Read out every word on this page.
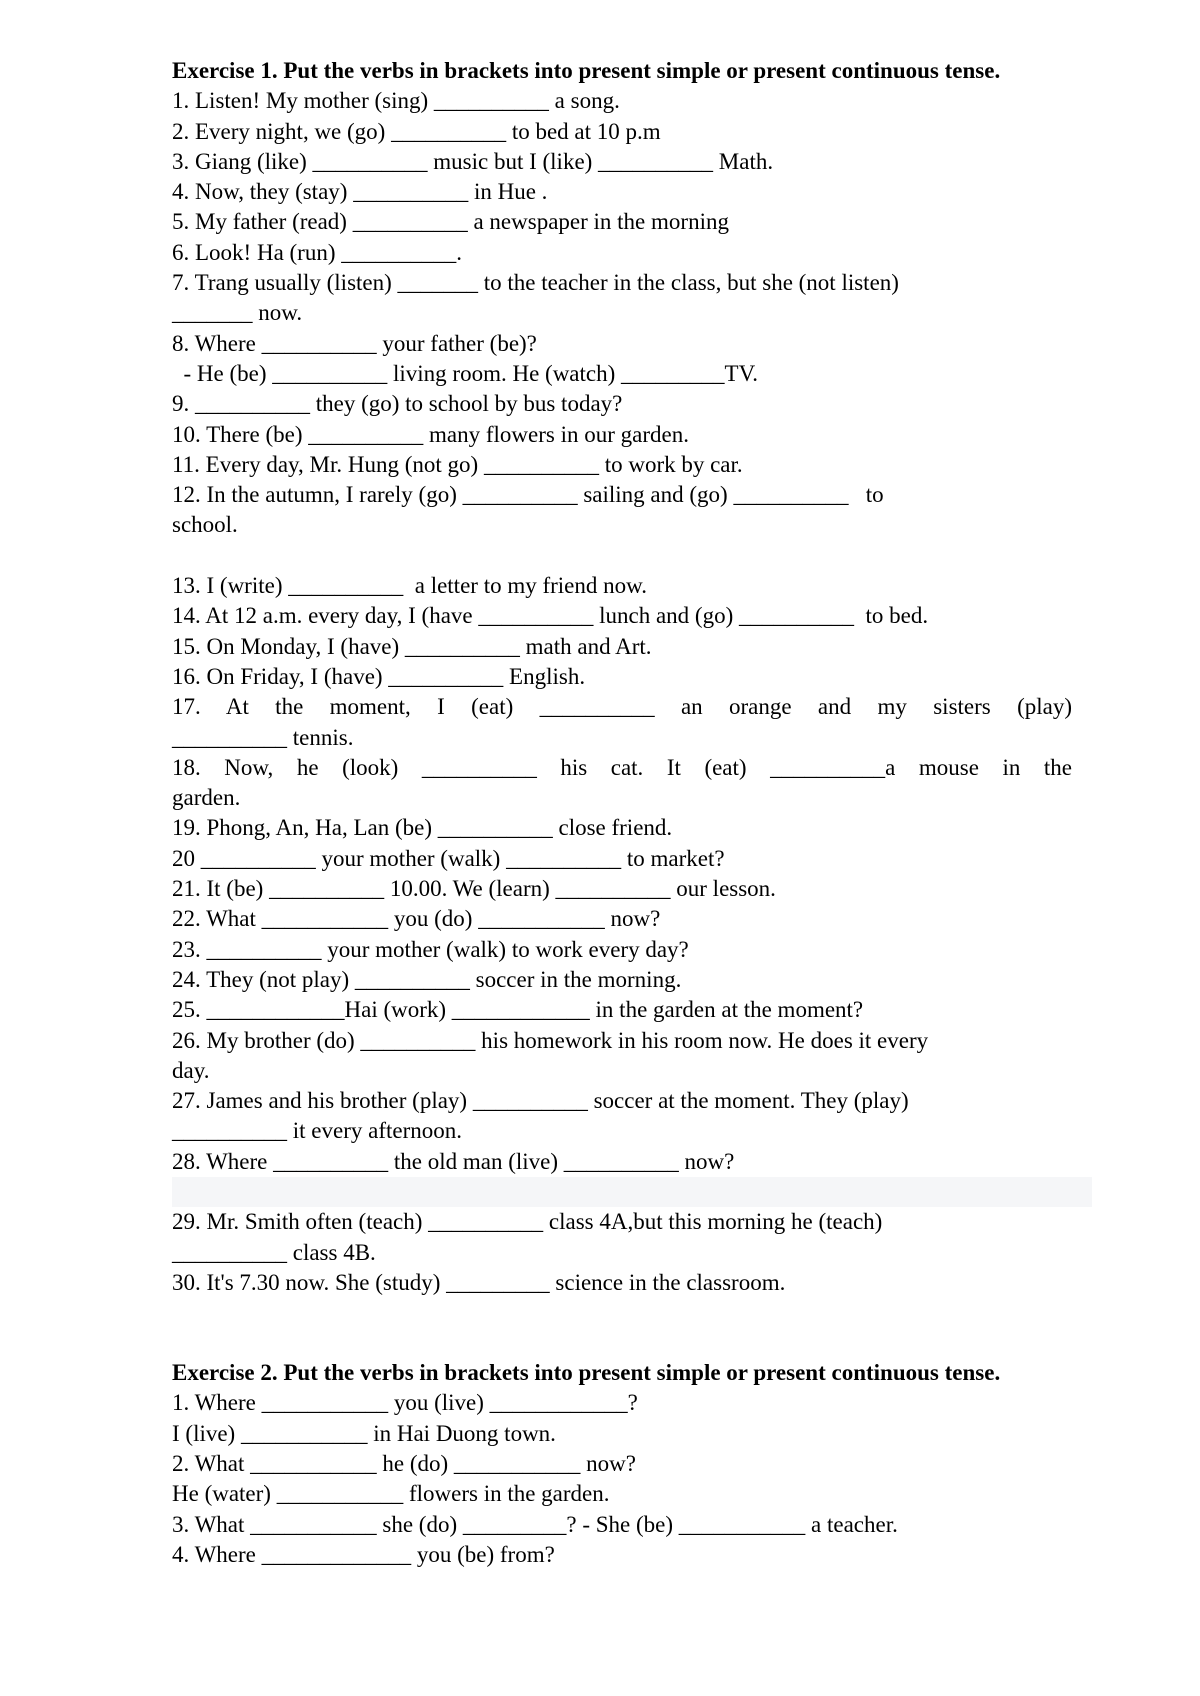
Exercise 1. Put the verbs in brackets into present simple or present continuous tense.
1. Listen! My mother (sing) __________ a song.
2. Every night, we (go) __________ to bed at 10 p.m
3. Giang (like) __________ music but I (like) __________ Math.
4. Now, they (stay) __________ in Hue .
5. My father (read) __________ a newspaper in the morning
6. Look! Ha (run) __________.
7. Trang usually (listen) _______ to the teacher in the class, but she (not listen)
_______ now.
8. Where __________ your father (be)?
- He (be) __________ living room. He (watch) _________TV.
9. __________ they (go) to school by bus today?
10. There (be) __________ many flowers in our garden.
11. Every day, Mr. Hung (not go) __________ to work by car.
12. In the autumn, I rarely (go) __________ sailing and (go) __________   to
school.
13. I (write) __________  a letter to my friend now.
14. At 12 a.m. every day, I (have __________ lunch and (go) __________  to bed.
15. On Monday, I (have) __________ math and Art.
16. On Friday, I (have) __________ English.
17. At the moment, I (eat) __________ an orange and my sisters (play)
__________ tennis.
18. Now, he (look) __________ his cat. It (eat) __________a mouse in the
garden.
19. Phong, An, Ha, Lan (be) __________ close friend.
20 __________ your mother (walk) __________ to market?
21. It (be) __________ 10.00. We (learn) __________ our lesson.
22. What ___________ you (do) ___________ now?
23. __________ your mother (walk) to work every day?
24. They (not play) __________ soccer in the morning.
25. ____________Hai (work) ____________ in the garden at the moment?
26. My brother (do) __________ his homework in his room now. He does it every
day.
27. James and his brother (play) __________ soccer at the moment. They (play)
__________ it every afternoon.
28. Where __________ the old man (live) __________ now?
29. Mr. Smith often (teach) __________ class 4A,but this morning he (teach)
__________ class 4B.
30. It's 7.30 now. She (study) _________ science in the classroom.
Exercise 2. Put the verbs in brackets into present simple or present continuous tense.
1. Where ___________ you (live) ____________?
I (live) ___________ in Hai Duong town.
2. What ___________ he (do) ___________ now?
He (water) ___________ flowers in the garden.
3. What ___________ she (do) _________? - She (be) ___________ a teacher.
4. Where _____________ you (be) from?
